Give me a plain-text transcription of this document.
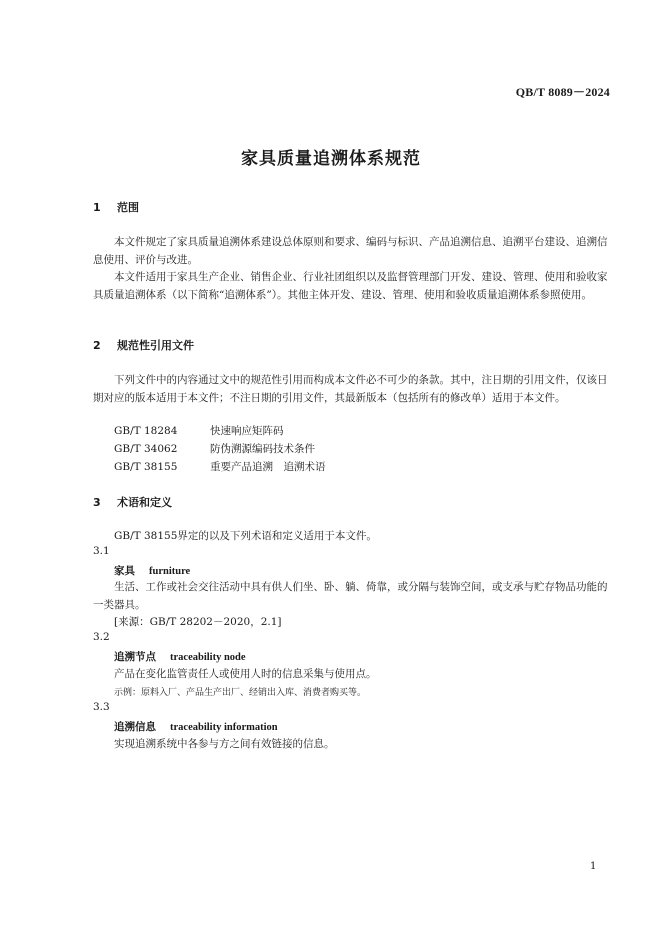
QB/T 8089－2024
家具质量追溯体系规范
1 范围
本文件规定了家具质量追溯体系建设总体原则和要求、编码与标识、产品追溯信息、追溯平台建设、追溯信息使用、评价与改进。
本文件适用于家具生产企业、销售企业、行业社团组织以及监督管理部门开发、建设、管理、使用和验收家具质量追溯体系（以下简称“追溯体系”）。其他主体开发、建设、管理、使用和验收质量追溯体系参照使用。
2 规范性引用文件
下列文件中的内容通过文中的规范性引用而构成本文件必不可少的条款。其中，注日期的引用文件，仅该日期对应的版本适用于本文件；不注日期的引用文件，其最新版本（包括所有的修改单）适用于本文件。
GB/T 18284	快速响应矩阵码
GB/T 34062	防伪溯源编码技术条件
GB/T 38155	重要产品追溯　追溯术语
3 术语和定义
GB/T 38155界定的以及下列术语和定义适用于本文件。
3.1
家具 furniture
生活、工作或社会交往活动中具有供人们坐、卧、躺、倚靠，或分隔与装饰空间，或支承与贮存物品功能的一类器具。
[来源：GB/T 28202－2020，2.1]
3.2
追溯节点 traceability node
产品在变化监管责任人或使用人时的信息采集与使用点。
示例：原料入厂、产品生产出厂、经销出入库、消费者购买等。
3.3
追溯信息 traceability information
实现追溯系统中各参与方之间有效链接的信息。
1
